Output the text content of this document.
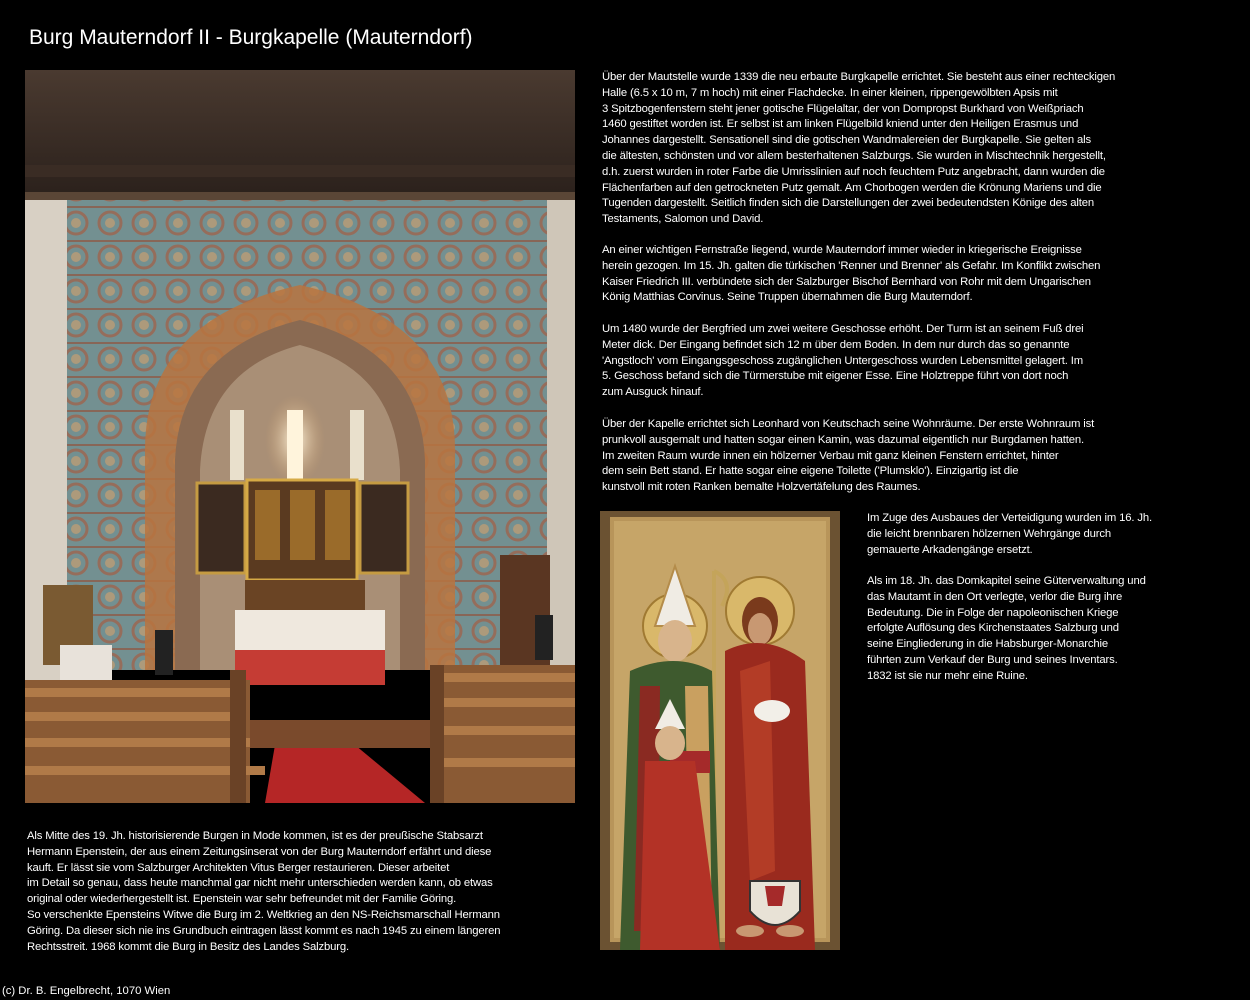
Burg Mauterndorf II - Burgkapelle (Mauterndorf)
Über der Mautstelle wurde 1339 die neu erbaute Burgkapelle errichtet. Sie besteht aus einer rechteckigen
Halle (6.5 x 10 m, 7 m hoch) mit einer Flachdecke. In einer kleinen, rippengewölbten Apsis mit
3 Spitzbogenfenstern steht jener gotische Flügelaltar, der von Dompropst Burkhard von Weißpriach
1460 gestiftet worden ist. Er selbst ist am linken Flügelbild kniend unter den Heiligen Erasmus und
Johannes dargestellt. Sensationell sind die gotischen Wandmalereien der Burgkapelle. Sie gelten als
die ältesten, schönsten und vor allem besterhaltenen Salzburgs. Sie wurden in Mischtechnik hergestellt,
d.h. zuerst wurden in roter Farbe die Umrisslinien auf noch feuchtem Putz angebracht, dann wurden die
Flächenfarben auf den getrockneten Putz gemalt. Am Chorbogen werden die Krönung Mariens und die
Tugenden dargestellt. Seitlich finden sich die Darstellungen der zwei bedeutendsten Könige des alten
Testaments, Salomon und David.
An einer wichtigen Fernstraße liegend, wurde Mauterndorf immer wieder in kriegerische Ereignisse
herein gezogen. Im 15. Jh. galten die türkischen 'Renner und Brenner' als Gefahr. Im Konflikt zwischen
Kaiser Friedrich III. verbündete sich der Salzburger Bischof Bernhard von Rohr mit dem Ungarischen
König Matthias Corvinus. Seine Truppen übernahmen die Burg Mauterndorf.
Um 1480 wurde der Bergfried um zwei weitere Geschosse erhöht. Der Turm ist an seinem Fuß drei
Meter dick. Der Eingang befindet sich 12 m über dem Boden. In dem nur durch das so genannte
'Angstloch' vom Eingangsgeschoss zugänglichen Untergeschoss wurden Lebensmittel gelagert. Im
5. Geschoss befand sich die Türmerstube mit eigener Esse. Eine Holztreppe führt von dort noch
zum Ausguck hinauf.
Über der Kapelle errichtet sich Leonhard von Keutschach seine Wohnräume. Der erste Wohnraum ist
prunkvoll ausgemalt und hatten sogar einen Kamin, was dazumal eigentlich nur Burgdamen hatten.
Im zweiten Raum wurde innen ein hölzerner Verbau mit ganz kleinen Fenstern errichtet, hinter
dem sein Bett stand. Er hatte sogar eine eigene Toilette ('Plumsklo'). Einzigartig ist die
kunstvoll mit roten Ranken bemalte Holzvertäfelung des Raumes.
Im Zuge des Ausbaues der Verteidigung wurden im 16. Jh.
die leicht brennbaren hölzernen Wehrgänge durch
gemauerte Arkadengänge ersetzt.
Als im 18. Jh. das Domkapitel seine Güterverwaltung und
das Mautamt in den Ort verlegte, verlor die Burg ihre
Bedeutung. Die in Folge der napoleonischen Kriege
erfolgte Auflösung des Kirchenstaates Salzburg und
seine Eingliederung in die Habsburger-Monarchie
führten zum Verkauf der Burg und seines Inventars.
1832 ist sie nur mehr eine Ruine.
Als Mitte des 19. Jh. historisierende Burgen in Mode kommen, ist es der preußische Stabsarzt
Hermann Epenstein, der aus einem Zeitungsinserat von der Burg Mauterndorf erfährt und diese
kauft. Er lässt sie vom Salzburger Architekten Vitus Berger restaurieren. Dieser arbeitet
im Detail so genau, dass heute manchmal gar nicht mehr unterschieden werden kann, ob etwas
original oder wiederhergestellt ist. Epenstein war sehr befreundet mit der Familie Göring.
So verschenkte Epensteins Witwe die Burg im 2. Weltkrieg an den NS-Reichsmarschall Hermann
Göring. Da dieser sich nie ins Grundbuch eintragen lässt kommt es nach 1945 zu einem längeren
Rechtsstreit. 1968 kommt die Burg in Besitz des Landes Salzburg.
(c) Dr. B. Engelbrecht, 1070 Wien
